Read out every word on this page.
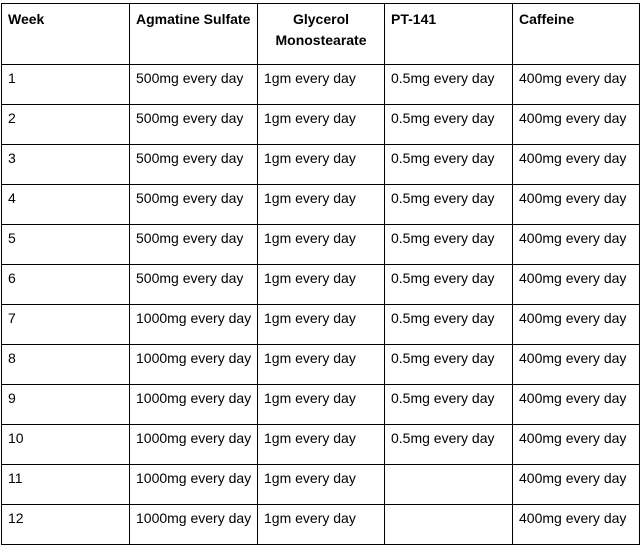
Week	Agmatine Sulfate	Glycerol Monostearate	PT-141	Caffeine
1	500mg every day	1gm every day	0.5mg every day	400mg every day
2	500mg every day	1gm every day	0.5mg every day	400mg every day
3	500mg every day	1gm every day	0.5mg every day	400mg every day
4	500mg every day	1gm every day	0.5mg every day	400mg every day
5	500mg every day	1gm every day	0.5mg every day	400mg every day
6	500mg every day	1gm every day	0.5mg every day	400mg every day
7	1000mg every day	1gm every day	0.5mg every day	400mg every day
8	1000mg every day	1gm every day	0.5mg every day	400mg every day
9	1000mg every day	1gm every day	0.5mg every day	400mg every day
10	1000mg every day	1gm every day	0.5mg every day	400mg every day
11	1000mg every day	1gm every day		400mg every day
12	1000mg every day	1gm every day		400mg every day
